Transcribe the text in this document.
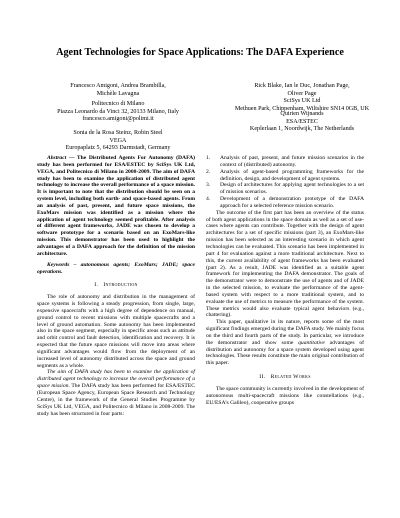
Agent Technologies for Space Applications: The DAFA Experience
Francesco Amigoni, Andrea Brambilla,
Michèle Lavagna
Politecnico di Milano
Piazza Leonardo da Vinci 32, 20133 Milano, Italy
francesco.amigoni@polimi.it
Rick Blake, Ian le Duc, Jonathan Page,
Oliver Page
SciSys UK Ltd
Methuen Park, Chippenham, Wiltshire SN14 0GB, UK
Sonia de la Rosa Steinz, Robin Steel
VEGA
Europaplatz 5, 64293 Darmstadt, Germany
Quirien Wijnands
ESA/ESTEC
Keplerlaan 1, Noordwijk, The Netherlands

Abstract — The Distributed Agents For Autonomy (DAFA) study has been performed for ESA/ESTEC by SciSys UK Ltd, VEGA, and Politecnico di Milano in 2008-2009. The aim of DAFA study has been to examine the application of distributed agent technology to increase the overall performance of a space mission. It is important to note that the distribution should be seen on a system level, including both earth- and space-based agents. From an analysis of past, present, and future space missions, the ExoMars mission was identified as a mission where the application of agent technology seemed profitable. After analysis of different agent frameworks, JADE was chosen to develop a software prototype for a scenario based on an ExoMars-like mission. This demonstrator has been used to highlight the advantages of a DAFA approach for the definition of the mission architecture.

Keywords – autonomous agents; ExoMars; JADE; space operations.

I. Introduction

The role of autonomy and distribution in the management of space systems is following a steady progression, from single, large, expensive spacecrafts with a high degree of dependence on manual, ground control to recent missions with multiple spacecrafts and a level of ground automation. Some autonomy has been implemented also in the space segment, especially in specific areas such as attitude and orbit control and fault detection, identification and recovery. It is expected that the future space missions will move into areas where significant advantages would flow from the deployment of an increased level of autonomy distributed across the space and ground segments as a whole.

The aim of DAFA study has been to examine the application of distributed agent technology to increase the overall performance of a space mission. The DAFA study has been performed for ESA/ESTEC (European Space Agency, European Space Research and Technology Centre), in the framework of the General Studies Programme by SciSys UK Ltd, VEGA, and Politecnico di Milano in 2008-2009. The study has been structured in four parts:

1.	Analysis of past, present, and future mission scenarios in the context of (distributed) autonomy.
2.	Analysis of agent-based programming frameworks for the definition, design, and development of agent systems.
3.	Design of architectures for applying agent technologies to a set of mission scenarios.
4.	Development of a demonstration prototype of the DAFA approach for a selected reference mission scenario.

The outcome of the first part has been an overview of the status of both agent applications in the space domain as well as a set of use-cases where agents can contribute. Together with the design of agent architectures for a set of specific missions (part 3), an ExoMars-like mission has been selected as an interesting scenario in which agent technologies can be evaluated. This scenario has been implemented in part 4 for evaluation against a more traditional architecture. Next to this, the current availability of agent frameworks has been evaluated (part 2). As a result, JADE was identified as a suitable agent framework for implementing the DAFA demonstrator. The goals of the demonstrator were to demonstrate the use of agents and of JADE in the selected mission, to evaluate the performance of the agent-based system with respect to a more traditional system, and to evaluate the use of metrics to measure the performance of the system. These metrics would also evaluate typical agent behaviors (e.g., chattering).

This paper, qualitative in its nature, reports some of the most significant findings emerged during the DAFA study. We mainly focus on the third and fourth parts of the study. In particular, we introduce the demonstrator and show some quantitative advantages of distribution and autonomy for a space system developed using agent technologies. These results constitute the main original contribution of this paper.

II. Related Works

The space community is currently involved in the development of autonomous multi-spacecraft missions like constellations (e.g., EU/ESA’s Galileo), cooperative groups
